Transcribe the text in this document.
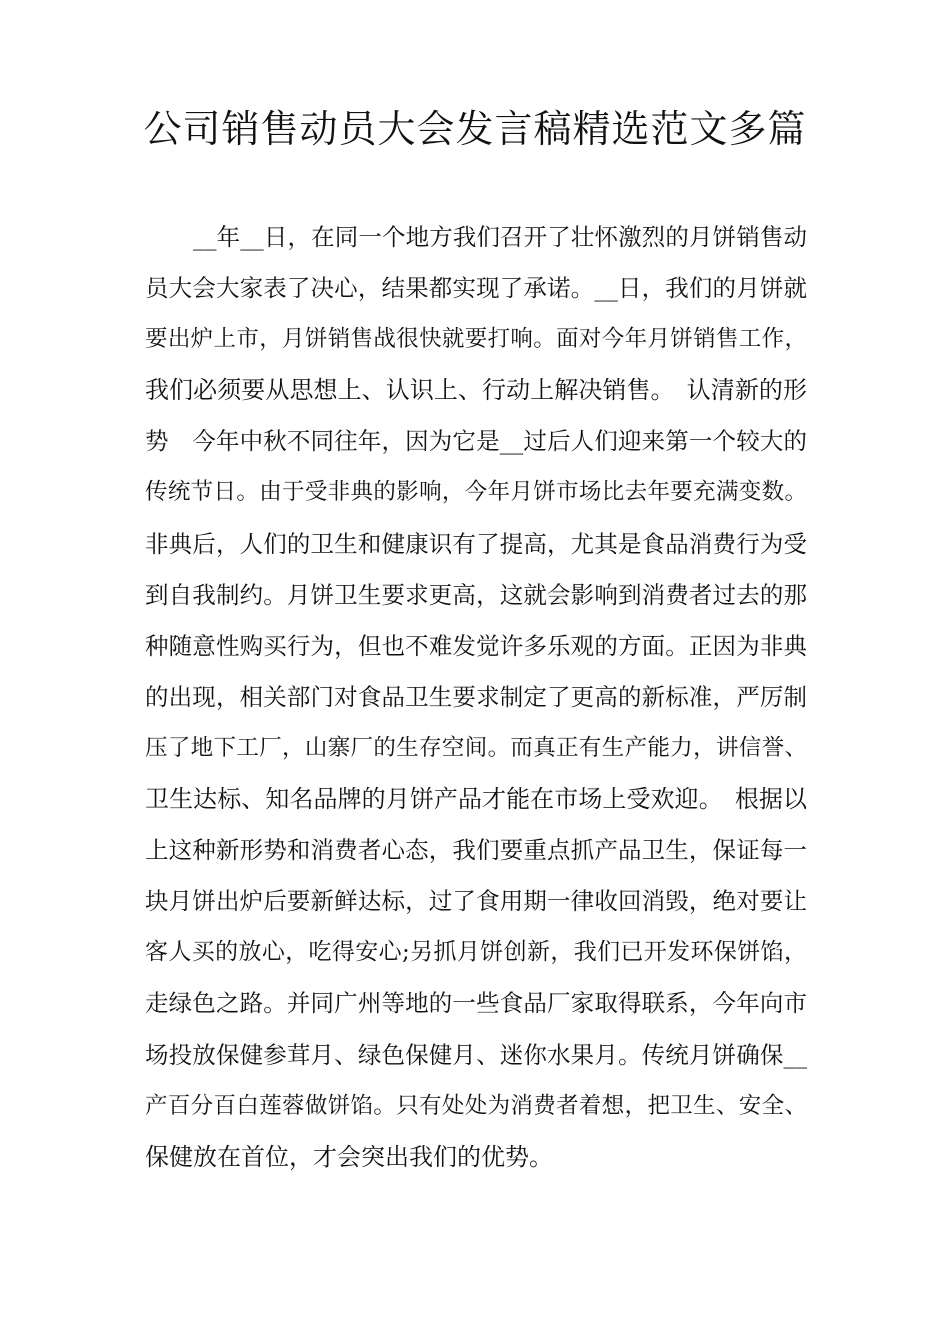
公司销售动员大会发言稿精选范文多篇
__年__日，在同一个地方我们召开了壮怀激烈的月饼销售动
员大会大家表了决心，结果都实现了承诺。__日，我们的月饼就
要出炉上市，月饼销售战很快就要打响。面对今年月饼销售工作，
我们必须要从思想上、认识上、行动上解决销售。　认清新的形
势　今年中秋不同往年，因为它是__过后人们迎来第一个较大的
传统节日。由于受非典的影响，今年月饼市场比去年要充满变数。
非典后，人们的卫生和健康识有了提高，尤其是食品消费行为受
到自我制约。月饼卫生要求更高，这就会影响到消费者过去的那
种随意性购买行为，但也不难发觉许多乐观的方面。正因为非典
的出现，相关部门对食品卫生要求制定了更高的新标准，严厉制
压了地下工厂，山寨厂的生存空间。而真正有生产能力，讲信誉、
卫生达标、知名品牌的月饼产品才能在市场上受欢迎。　根据以
上这种新形势和消费者心态，我们要重点抓产品卫生，保证每一
块月饼出炉后要新鲜达标，过了食用期一律收回消毁，绝对要让
客人买的放心，吃得安心;另抓月饼创新，我们已开发环保饼馅，
走绿色之路。并同广州等地的一些食品厂家取得联系，今年向市
场投放保健参茸月、绿色保健月、迷你水果月。传统月饼确保__
产百分百白莲蓉做饼馅。只有处处为消费者着想，把卫生、安全、
保健放在首位，才会突出我们的优势。
